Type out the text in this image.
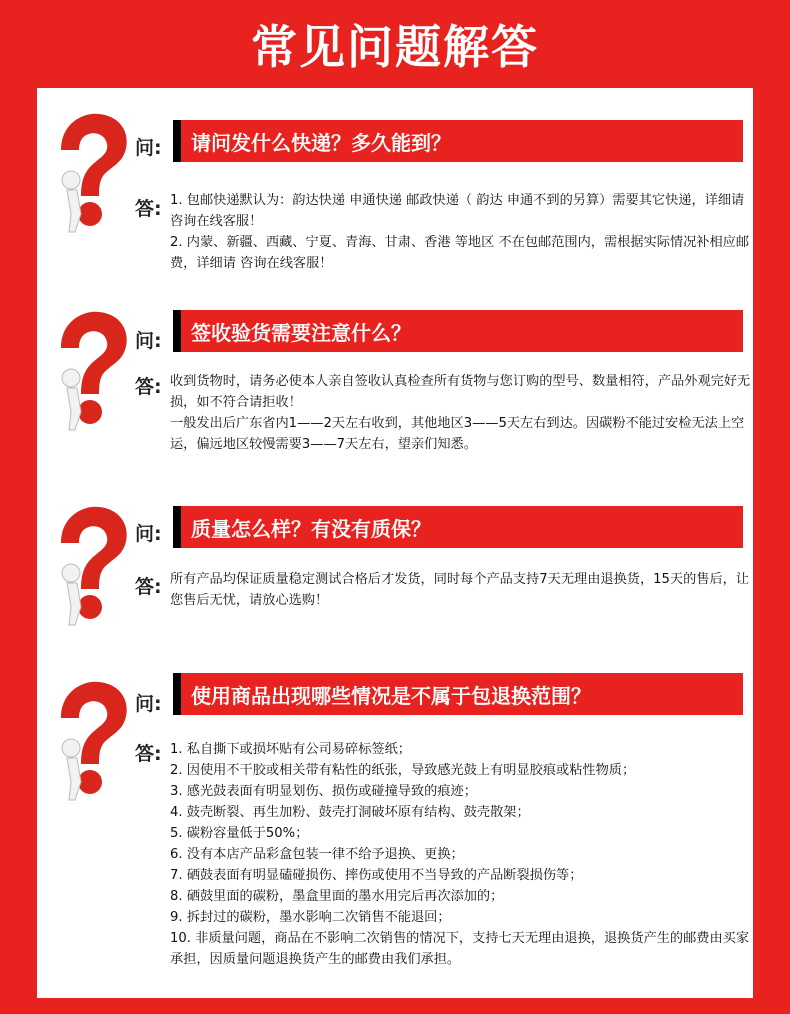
常见问题解答
问: 请问发什么快递？多久能到？
答: 1. 包邮快递默认为：韵达快递 申通快递 邮政快递（ 韵达 申通不到的另算）需要其它快递，详细请咨询在线客服！
2. 内蒙、新疆、西藏、宁夏、青海、甘肃、香港 等地区 不在包邮范围内，需根据实际情况补相应邮费，详细请 咨询在线客服！
问: 签收验货需要注意什么？
答: 收到货物时，请务必使本人亲自签收认真检查所有货物与您订购的型号、数量相符，产品外观完好无损，如不符合请拒收！
一般发出后广东省内1——2天左右收到，其他地区3——5天左右到达。因碳粉不能过安检无法上空运，偏远地区较慢需要3——7天左右，望亲们知悉。
问: 质量怎么样？有没有质保？
答: 所有产品均保证质量稳定测试合格后才发货，同时每个产品支持7天无理由退换货，15天的售后，让您售后无忧，请放心选购！
问: 使用商品出现哪些情况是不属于包退换范围？
答: 1. 私自撕下或损坏贴有公司易碎标签纸；
2. 因使用不干胶或相关带有粘性的纸张，导致感光鼓上有明显胶痕或粘性物质；
3. 感光鼓表面有明显划伤、损伤或碰撞导致的痕迹；
4. 鼓壳断裂、再生加粉、鼓壳打洞破坏原有结构、鼓壳散架；
5. 碳粉容量低于50%；
6. 没有本店产品彩盒包装一律不给予退换、更换；
7. 硒鼓表面有明显磕碰损伤、摔伤或使用不当导致的产品断裂损伤等；
8. 硒鼓里面的碳粉，墨盒里面的墨水用完后再次添加的；
9. 拆封过的碳粉，墨水影响二次销售不能退回；
10. 非质量问题，商品在不影响二次销售的情况下，支持七天无理由退换，退换货产生的邮费由买家承担，因质量问题退换货产生的邮费由我们承担。
